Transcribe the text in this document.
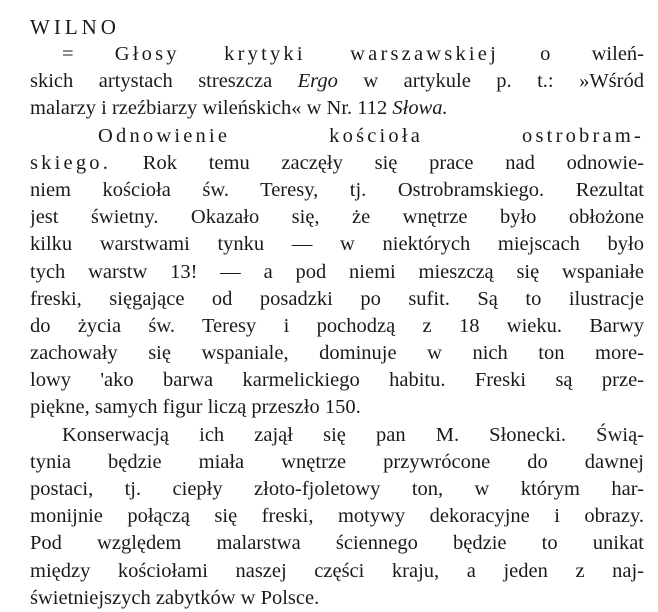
WILNO
= Głosy krytyki warszawskiej o wileń-
skich artystach streszcza Ergo w artykule p. t.: »Wśród
malarzy i rzeźbiarzy wileńskich« w Nr. 112 Słowa.
Odnowienie kościoła ostrobram-
skiego. Rok temu zaczęły się prace nad odnowie-
niem kościoła św. Teresy, tj. Ostrobramskiego. Rezultat
jest świetny. Okazało się, że wnętrze było obłożone
kilku warstwami tynku — w niektórych miejscach było
tych warstw 13! — a pod niemi mieszczą się wspaniałe
freski, sięgające od posadzki po sufit. Są to ilustracje
do życia św. Teresy i pochodzą z 18 wieku. Barwy
zachowały się wspaniale, dominuje w nich ton more-
lowy 'ako barwa karmelickiego habitu. Freski są prze-
piękne, samych figur liczą przeszło 150.
Konserwacją ich zajął się pan M. Słonecki. Świą-
tynia będzie miała wnętrze przywrócone do dawnej
postaci, tj. ciepły złoto-fjoletowy ton, w którym har-
monijnie połączą się freski, motywy dekoracyjne i obrazy.
Pod względem malarstwa ściennego będzie to unikat
między kościołami naszej części kraju, a jeden z naj-
świetniejszych zabytków w Polsce.
